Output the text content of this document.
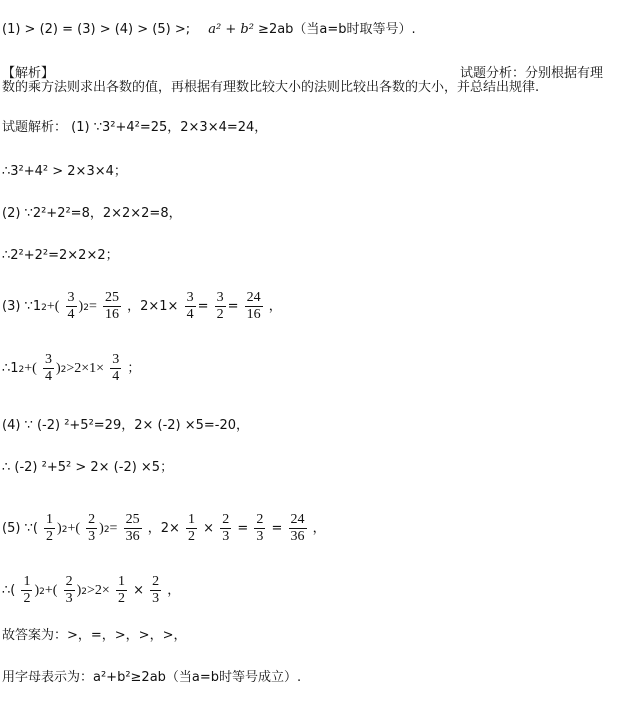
(1) > (2) = (3) > (4) > (5) >; a² + b² ≥2ab（当a=b时取等号）.
【解析】	试题分析：分别根据有理
数的乘方法则求出各数的值，再根据有理数比较大小的法则比较出各数的大小，并总结出规律.
试题解析： (1) ∵3²+4²=25，2×3×4=24，
∴3²+4² > 2×3×4；
(2) ∵2²+2²=8，2×2×2=8，
∴2²+2²=2×2×2；
(3) ∵12+( $\frac{3}{4} )2= \frac{25}{16}$ ，$2\times 1\times \frac{3}{4} = \frac{3}{2} = \frac{24}{16}$ ，
∴12+( $\frac{3}{4} )2>2\times 1\times \frac{3}{4}$ ；
(4) ∵ (-2) ²+5²=29，2× (-2) ×5=-20，
∴ (-2) ²+5² > 2× (-2) ×5；
(5) ∵( $\frac{1}{2} )2+( \frac{2}{3} )2= \frac{25}{36}$ ，$2\times \frac{1}{2} \times \frac{2}{3} = \frac{2}{3} = \frac{24}{36}$ ，
∴( $\frac{1}{2} )2+( \frac{2}{3} )2>2\times \frac{1}{2} \times \frac{2}{3}$ ，
故答案为：>，=，>，>，>，
用字母表示为：a²+b²≥2ab（当a=b时等号成立）.
